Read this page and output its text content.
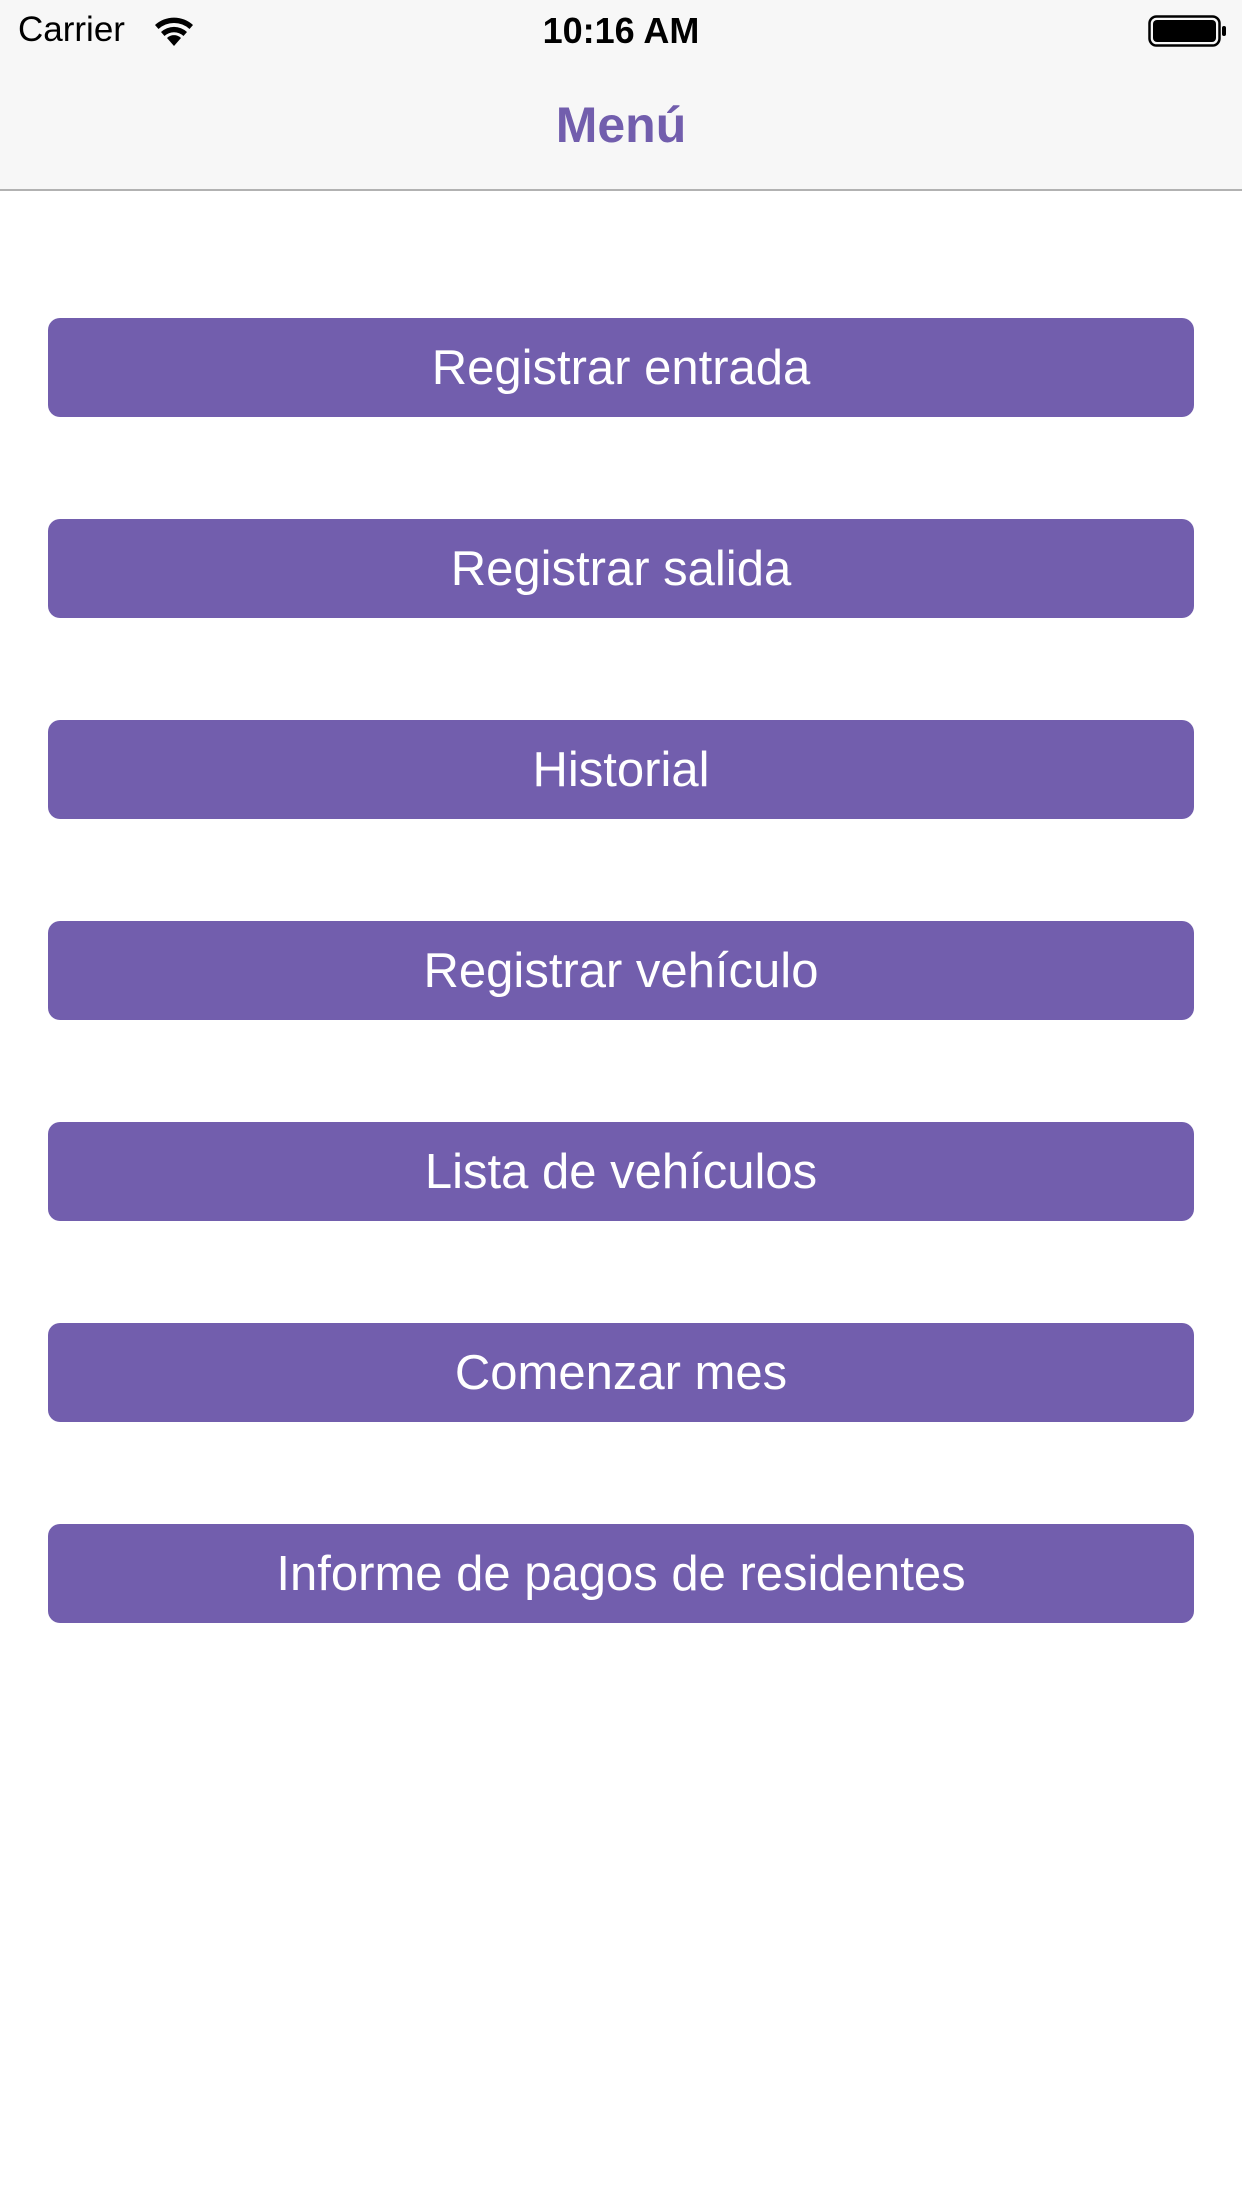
Carrier	10:16 AM
Menú
Registrar entrada
Registrar salida
Historial
Registrar vehículo
Lista de vehículos
Comenzar mes
Informe de pagos de residentes
